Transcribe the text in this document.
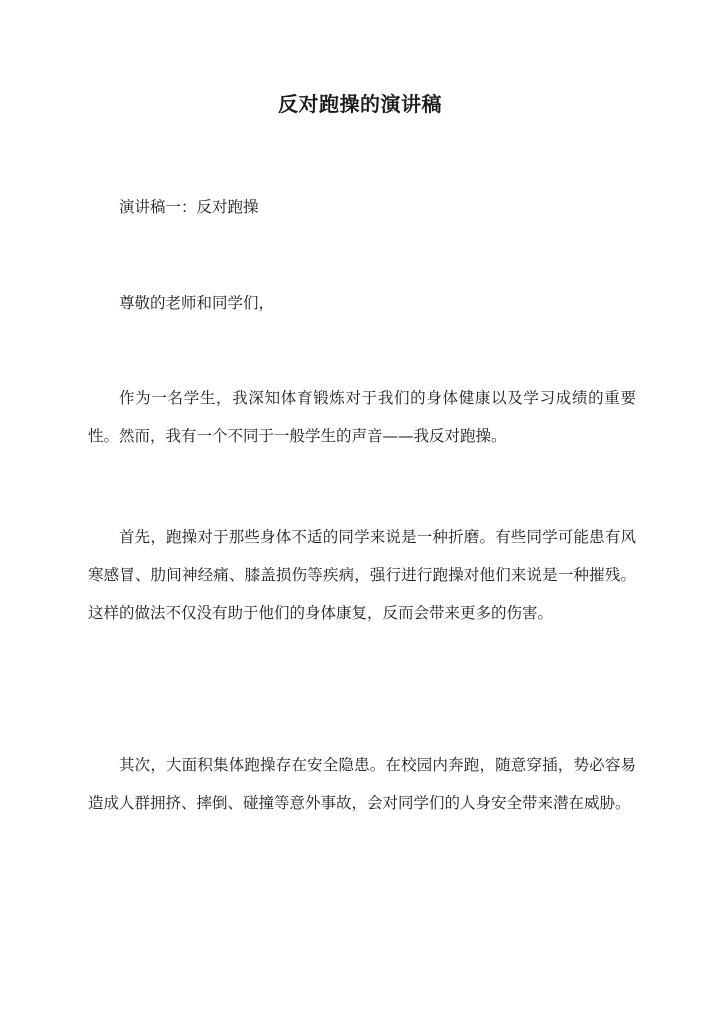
反对跑操的演讲稿
演讲稿一：反对跑操
尊敬的老师和同学们，
作为一名学生，我深知体育锻炼对于我们的身体健康以及学习成绩的重要性。然而，我有一个不同于一般学生的声音——我反对跑操。
首先，跑操对于那些身体不适的同学来说是一种折磨。有些同学可能患有风寒感冒、肋间神经痛、膝盖损伤等疾病，强行进行跑操对他们来说是一种摧残。这样的做法不仅没有助于他们的身体康复，反而会带来更多的伤害。
其次，大面积集体跑操存在安全隐患。在校园内奔跑，随意穿插，势必容易造成人群拥挤、摔倒、碰撞等意外事故，会对同学们的人身安全带来潜在威胁。
